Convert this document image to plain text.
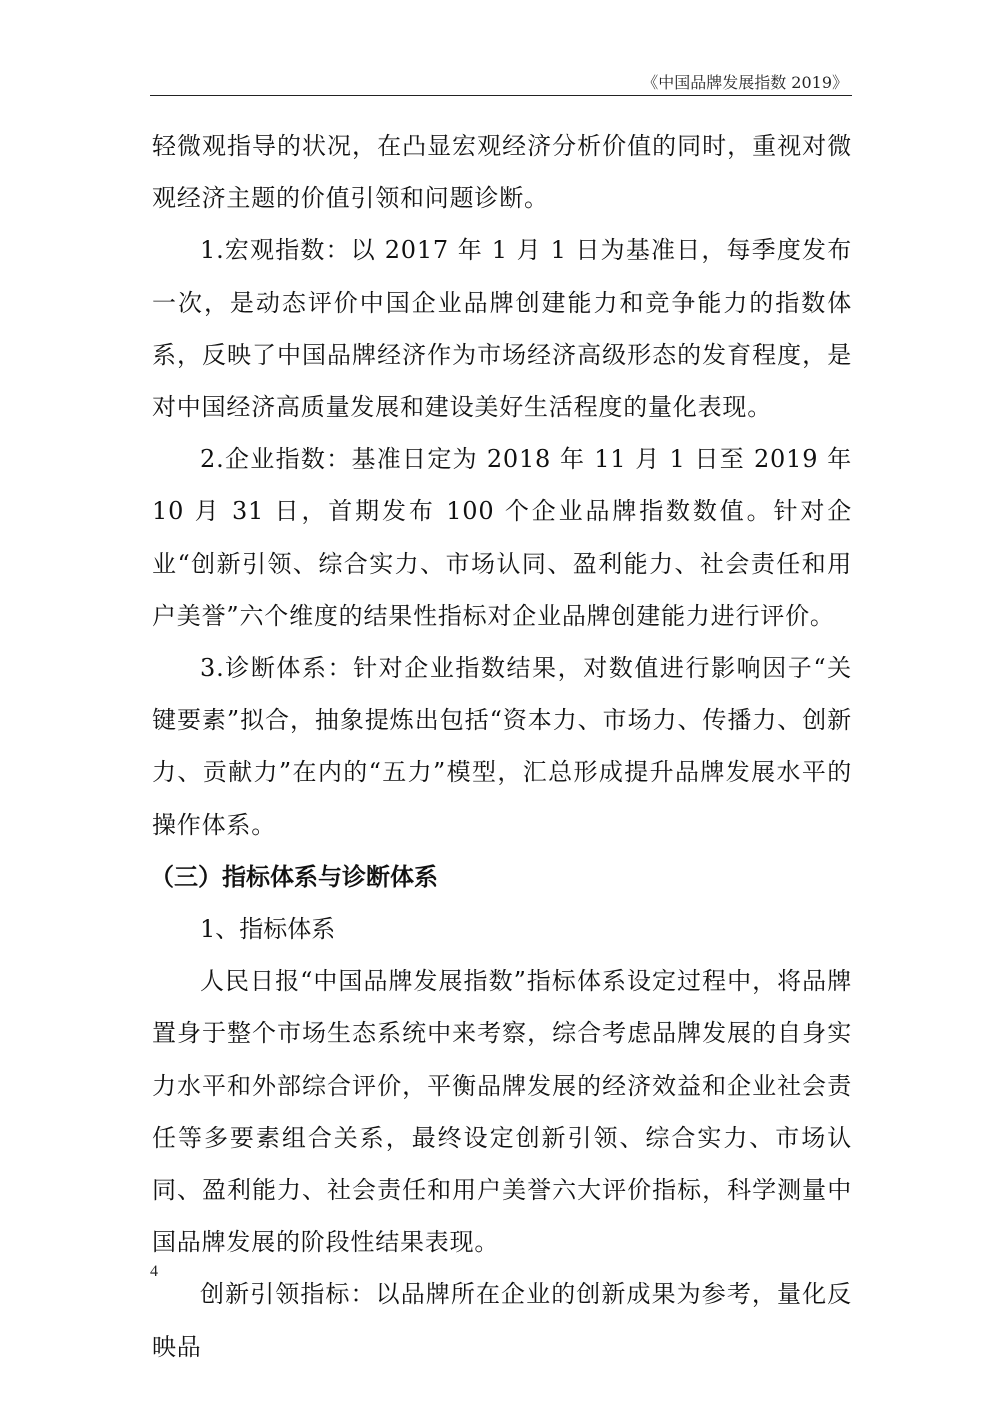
《中国品牌发展指数 2019》

轻微观指导的状况，在凸显宏观经济分析价值的同时，重视对微观经济主题的价值引领和问题诊断。

1.宏观指数：以 2017 年 1 月 1 日为基准日，每季度发布一次，是动态评价中国企业品牌创建能力和竞争能力的指数体系，反映了中国品牌经济作为市场经济高级形态的发育程度，是对中国经济高质量发展和建设美好生活程度的量化表现。

2.企业指数：基准日定为 2018 年 11 月 1 日至 2019 年 10 月 31 日，首期发布 100 个企业品牌指数数值。针对企业“创新引领、综合实力、市场认同、盈利能力、社会责任和用户美誉”六个维度的结果性指标对企业品牌创建能力进行评价。

3.诊断体系：针对企业指数结果，对数值进行影响因子“关键要素”拟合，抽象提炼出包括“资本力、市场力、传播力、创新力、贡献力”在内的“五力”模型，汇总形成提升品牌发展水平的操作体系。

（三）指标体系与诊断体系

1、指标体系

人民日报“中国品牌发展指数”指标体系设定过程中，将品牌置身于整个市场生态系统中来考察，综合考虑品牌发展的自身实力水平和外部综合评价，平衡品牌发展的经济效益和企业社会责任等多要素组合关系，最终设定创新引领、综合实力、市场认同、盈利能力、社会责任和用户美誉六大评价指标，科学测量中国品牌发展的阶段性结果表现。

创新引领指标：以品牌所在企业的创新成果为参考，量化反映品

4
